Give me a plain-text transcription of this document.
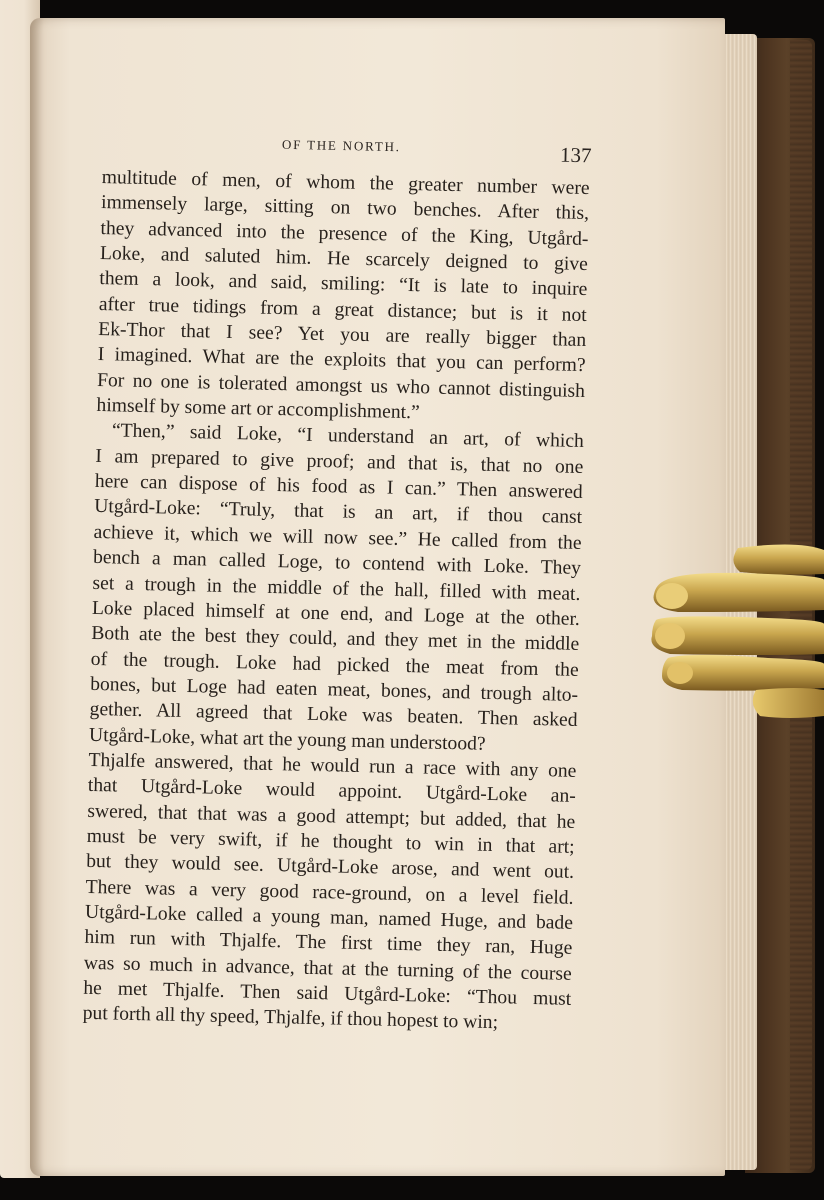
OF THE NORTH.	137
multitude of men, of whom the greater number were
immensely large, sitting on two benches. After this,
they advanced into the presence of the King, Utgård-
Loke, and saluted him. He scarcely deigned to give
them a look, and said, smiling: “It is late to inquire
after true tidings from a great distance; but is it not
Ek-Thor that I see? Yet you are really bigger than
I imagined. What are the exploits that you can perform?
For no one is tolerated amongst us who cannot distinguish
himself by some art or accomplishment.”
“Then,” said Loke, “I understand an art, of which
I am prepared to give proof; and that is, that no one
here can dispose of his food as I can.” Then answered
Utgård-Loke: “Truly, that is an art, if thou canst
achieve it, which we will now see.” He called from the
bench a man called Loge, to contend with Loke. They
set a trough in the middle of the hall, filled with meat.
Loke placed himself at one end, and Loge at the other.
Both ate the best they could, and they met in the middle
of the trough. Loke had picked the meat from the
bones, but Loge had eaten meat, bones, and trough alto-
gether. All agreed that Loke was beaten. Then asked
Utgård-Loke, what art the young man understood?
Thjalfe answered, that he would run a race with any one
that Utgård-Loke would appoint. Utgård-Loke an-
swered, that that was a good attempt; but added, that he
must be very swift, if he thought to win in that art;
but they would see. Utgård-Loke arose, and went out.
There was a very good race-ground, on a level field.
Utgård-Loke called a young man, named Huge, and bade
him run with Thjalfe. The first time they ran, Huge
was so much in advance, that at the turning of the course
he met Thjalfe. Then said Utgård-Loke: “Thou must
put forth all thy speed, Thjalfe, if thou hopest to win;
